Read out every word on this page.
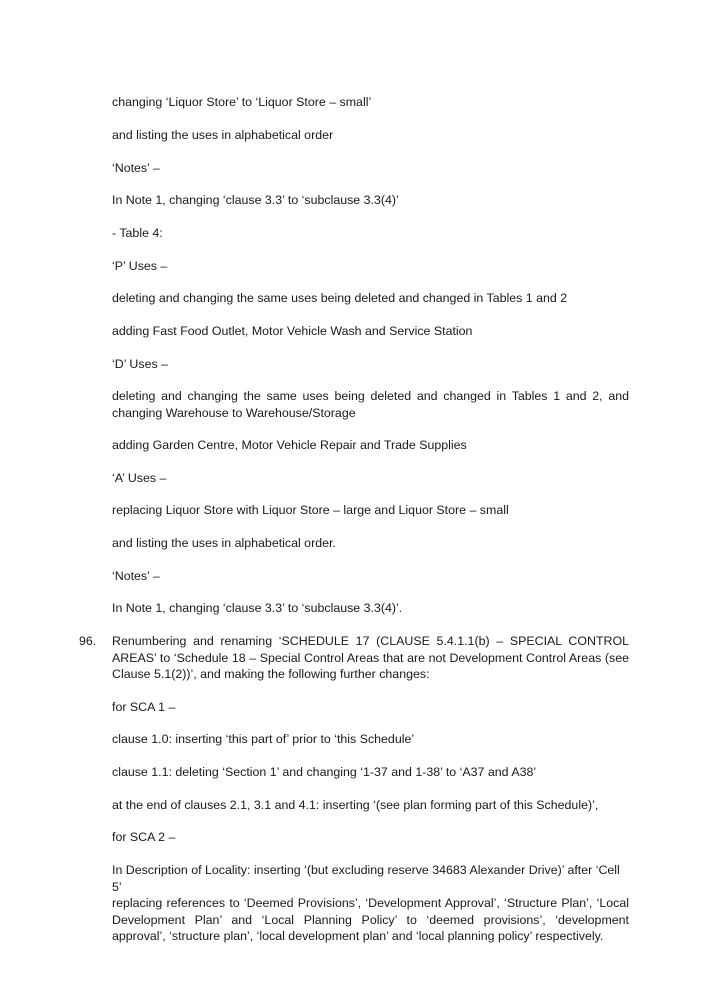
changing ‘Liquor Store’ to ‘Liquor Store – small’

and listing the uses in alphabetical order

‘Notes’ –

In Note 1, changing ‘clause 3.3’ to ‘subclause 3.3(4)’

- Table 4:

‘P’ Uses –

deleting and changing the same uses being deleted and changed in Tables 1 and 2

adding Fast Food Outlet, Motor Vehicle Wash and Service Station

‘D’ Uses –

deleting and changing the same uses being deleted and changed in Tables 1 and 2, and changing Warehouse to Warehouse/Storage

adding Garden Centre, Motor Vehicle Repair and Trade Supplies

‘A’ Uses –

replacing Liquor Store with Liquor Store – large and Liquor Store – small

and listing the uses in alphabetical order.

‘Notes’ –

In Note 1, changing ‘clause 3.3’ to ‘subclause 3.3(4)’.

96. Renumbering and renaming ‘SCHEDULE 17 (CLAUSE 5.4.1.1(b) – SPECIAL CONTROL AREAS’ to ‘Schedule 18 – Special Control Areas that are not Development Control Areas (see Clause 5.1(2))’, and making the following further changes:

for SCA 1 –

clause 1.0: inserting ‘this part of’ prior to ‘this Schedule’

clause 1.1: deleting ‘Section 1’ and changing ‘1-37 and 1-38’ to ‘A37 and A38’

at the end of clauses 2.1, 3.1 and 4.1: inserting ‘(see plan forming part of this Schedule)’,

for SCA 2 –

In Description of Locality: inserting ‘(but excluding reserve 34683 Alexander Drive)’ after ‘Cell 5’

replacing references to ‘Deemed Provisions’, ‘Development Approval’, ‘Structure Plan’, ‘Local Development Plan’ and ‘Local Planning Policy’ to ‘deemed provisions’, ‘development approval’, ‘structure plan’, ‘local development plan’ and ‘local planning policy’ respectively.
